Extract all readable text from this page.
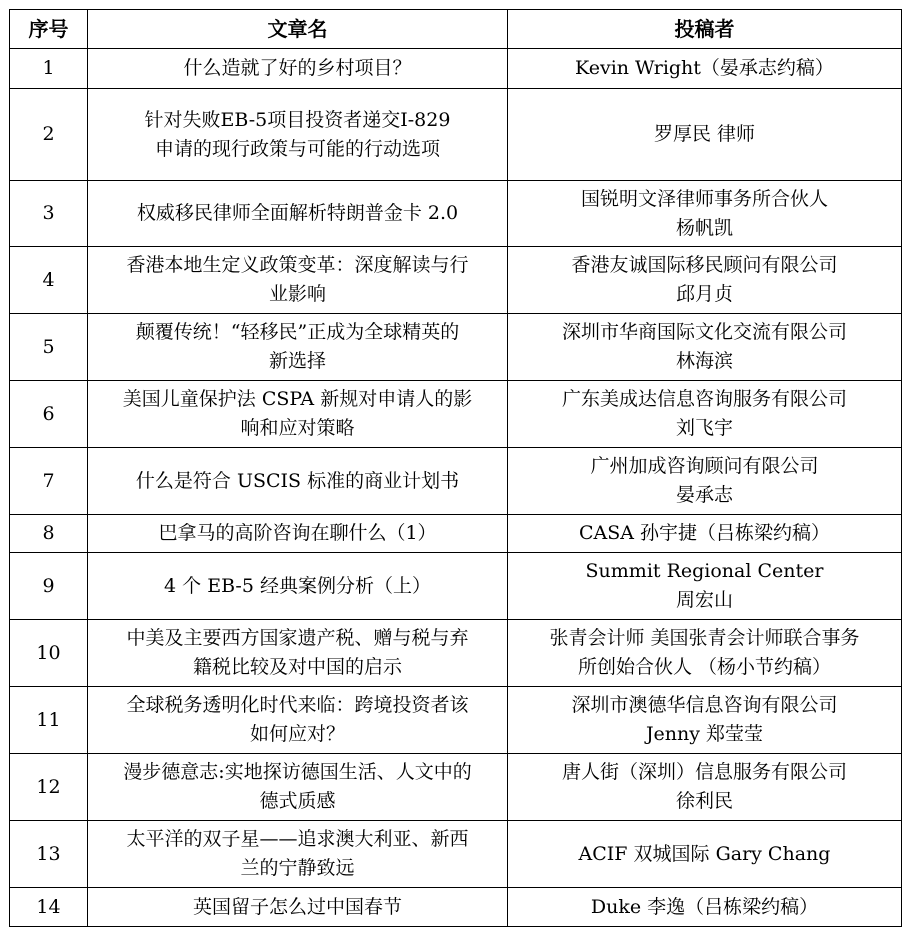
序号	文章名	投稿者
1	什么造就了好的乡村项目？	Kevin Wright（晏承志约稿）

2	针对失败EB-5项目投资者递交I-829
申请的现行政策与可能的行动选项	罗厚民 律师

3	权威移民律师全面解析特朗普金卡 2.0	国锐明文泽律师事务所合伙人
杨帆凯

4	香港本地生定义政策变革：深度解读与行
业影响	香港友诚国际移民顾问有限公司
邱月贞

5	颠覆传统！“轻移民”正成为全球精英的
新选择	深圳市华商国际文化交流有限公司
林海滨

6	美国儿童保护法 CSPA 新规对申请人的影
响和应对策略	广东美成达信息咨询服务有限公司
刘飞宇

7	什么是符合 USCIS 标准的商业计划书	广州加成咨询顾问有限公司
晏承志

8	巴拿马的高阶咨询在聊什么（1）	CASA 孙宇捷（吕栋梁约稿）

9	4 个 EB-5 经典案例分析（上）	Summit Regional Center
周宏山

10	中美及主要西方国家遗产税、赠与税与弃
籍税比较及对中国的启示	张青会计师 美国张青会计师联合事务
所创始合伙人 （杨小节约稿）

11	全球税务透明化时代来临：跨境投资者该
如何应对？	深圳市澳德华信息咨询有限公司
Jenny 郑莹莹

12	漫步德意志:实地探访德国生活、人文中的
德式质感	唐人街（深圳）信息服务有限公司
徐利民

13	太平洋的双子星——追求澳大利亚、新西
兰的宁静致远	ACIF 双城国际 Gary Chang

14	英国留子怎么过中国春节	Duke 李逸（吕栋梁约稿）
